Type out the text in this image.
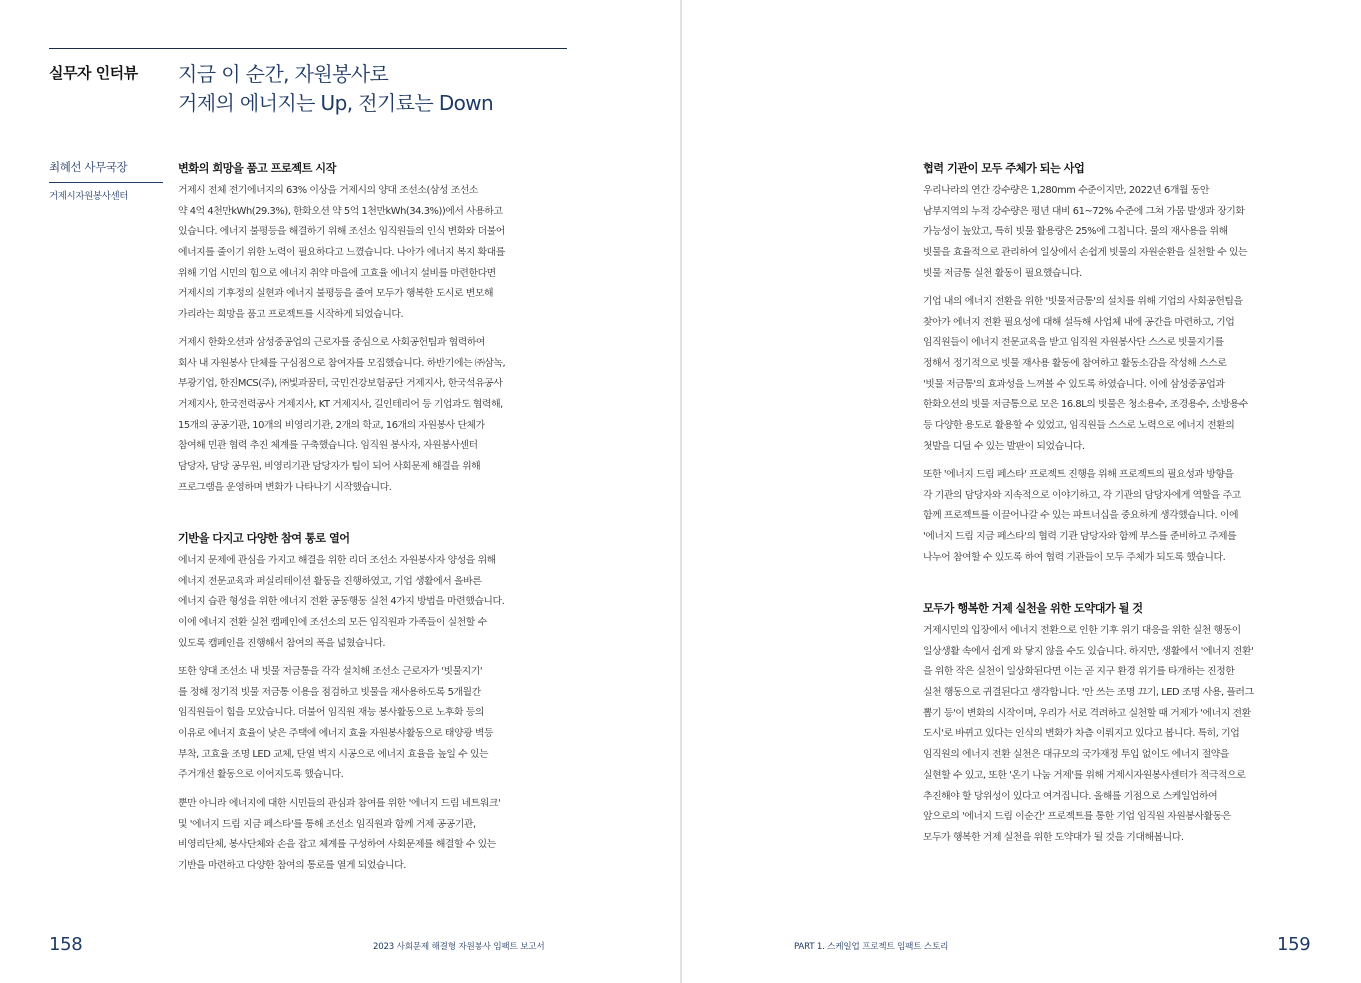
실무자 인터뷰 지금 이 순간, 자원봉사로
거제의 에너지는 Up, 전기료는 Down
최혜선 사무국장
거제시자원봉사센터
변화의 희망을 품고 프로젝트 시작
거제시 전체 전기에너지의 63% 이상을 거제시의 양대 조선소(삼성 조선소
약 4억 4천만kWh(29.3%), 한화오션 약 5억 1천만kWh(34.3%))에서 사용하고
있습니다. 에너지 불평등을 해결하기 위해 조선소 임직원들의 인식 변화와 더불어
에너지를 줄이기 위한 노력이 필요하다고 느꼈습니다. 나아가 에너지 복지 확대를
위해 기업 시민의 힘으로 에너지 취약 마을에 고효율 에너지 설비를 마련한다면
거제시의 기후정의 실현과 에너지 불평등을 줄여 모두가 행복한 도시로 변모해
가리라는 희망을 품고 프로젝트를 시작하게 되었습니다.
거제시 한화오션과 삼성중공업의 근로자를 중심으로 사회공헌팀과 협력하여
회사 내 자원봉사 단체를 구심점으로 참여자를 모집했습니다. 하반기에는 ㈜삼녹,
부광기업, 한진MCS(주), ㈜빛과꿈터, 국민건강보험공단 거제지사, 한국석유공사
거제지사, 한국전력공사 거제지사, KT 거제지사, 길인테리어 등 기업과도 협력해,
15개의 공공기관, 10개의 비영리기관, 2개의 학교, 16개의 자원봉사 단체가
참여해 민관 협력 추진 체계를 구축했습니다. 임직원 봉사자, 자원봉사센터
담당자, 담당 공무원, 비영리기관 담당자가 팀이 되어 사회문제 해결을 위해
프로그램을 운영하며 변화가 나타나기 시작했습니다.
기반을 다지고 다양한 참여 통로 열어
에너지 문제에 관심을 가지고 해결을 위한 리더 조선소 자원봉사자 양성을 위해
에너지 전문교육과 퍼실리테이션 활동을 진행하였고, 기업 생활에서 올바른
에너지 습관 형성을 위한 에너지 전환 공동행동 실천 4가지 방법을 마련했습니다.
이에 에너지 전환 실천 캠페인에 조선소의 모든 임직원과 가족들이 실천할 수
있도록 캠페인을 진행해서 참여의 폭을 넓혔습니다.
또한 양대 조선소 내 빗물 저금통을 각각 설치해 조선소 근로자가 '빗물지기'
를 정해 정기적 빗물 저금통 이용을 점검하고 빗물을 재사용하도록 5개월간
임직원들이 힘을 모았습니다. 더불어 임직원 재능 봉사활동으로 노후화 등의
이유로 에너지 효율이 낮은 주택에 에너지 효율 자원봉사활동으로 태양광 벽등
부착, 고효율 조명 LED 교체, 단열 벽지 시공으로 에너지 효율을 높일 수 있는
주거개선 활동으로 이어지도록 했습니다.
뿐만 아니라 에너지에 대한 시민들의 관심과 참여를 위한 '에너지 드림 네트워크'
및 '에너지 드림 지금 페스타'를 통해 조선소 임직원과 함께 거제 공공기관,
비영리단체, 봉사단체와 손을 잡고 체계를 구성하여 사회문제를 해결할 수 있는
기반을 마련하고 다양한 참여의 통로를 열게 되었습니다.
158	2023 사회문제 해결형 자원봉사 임팩트 보고서
협력 기관이 모두 주체가 되는 사업
우리나라의 연간 강수량은 1,280mm 수준이지만, 2022년 6개월 동안
남부지역의 누적 강수량은 평년 대비 61~72% 수준에 그쳐 가뭄 발생과 장기화
가능성이 높았고, 특히 빗물 활용량은 25%에 그칩니다. 물의 재사용을 위해
빗물을 효율적으로 관리하여 일상에서 손쉽게 빗물의 자원순환을 실천할 수 있는
빗물 저금통 실천 활동이 필요했습니다.
기업 내의 에너지 전환을 위한 '빗물저금통'의 설치를 위해 기업의 사회공헌팀을
찾아가 에너지 전환 필요성에 대해 설득해 사업체 내에 공간을 마련하고, 기업
임직원들이 에너지 전문교육을 받고 임직원 자원봉사단 스스로 빗물지기를
정해서 정기적으로 빗물 재사용 활동에 참여하고 활동소감을 작성해 스스로
'빗물 저금통'의 효과성을 느껴볼 수 있도록 하였습니다. 이에 삼성중공업과
한화오션의 빗물 저금통으로 모은 16.8L의 빗물은 청소용수, 조경용수, 소방용수
등 다양한 용도로 활용할 수 있었고, 임직원들 스스로 노력으로 에너지 전환의
첫발을 디딜 수 있는 발판이 되었습니다.
또한 '에너지 드림 페스타' 프로젝트 진행을 위해 프로젝트의 필요성과 방향을
각 기관의 담당자와 지속적으로 이야기하고, 각 기관의 담당자에게 역할을 주고
함께 프로젝트를 이끌어나갈 수 있는 파트너십을 중요하게 생각했습니다. 이에
'에너지 드림 지금 페스타'의 협력 기관 담당자와 함께 부스를 준비하고 주제를
나누어 참여할 수 있도록 하여 협력 기관들이 모두 주체가 되도록 했습니다.
모두가 행복한 거제 실천을 위한 도약대가 될 것
거제시민의 입장에서 에너지 전환으로 인한 기후 위기 대응을 위한 실천 행동이
일상생활 속에서 쉽게 와 닿지 않을 수도 있습니다. 하지만, 생활에서 '에너지 전환'
을 위한 작은 실천이 일상화된다면 이는 곧 지구 환경 위기를 타개하는 진정한
실천 행동으로 귀결된다고 생각합니다. '안 쓰는 조명 끄기, LED 조명 사용, 플러그
뽑기 등'이 변화의 시작이며, 우리가 서로 격려하고 실천할 때 거제가 '에너지 전환
도시'로 바뀌고 있다는 인식의 변화가 차츰 이뤄지고 있다고 봅니다. 특히, 기업
임직원의 에너지 전환 실천은 대규모의 국가재정 투입 없이도 에너지 절약을
실현할 수 있고, 또한 '온기 나눔 거제'를 위해 거제시자원봉사센터가 적극적으로
추진해야 할 당위성이 있다고 여겨집니다. 올해를 기점으로 스케일업하여
앞으로의 '에너지 드림 이순간' 프로젝트를 통한 기업 임직원 자원봉사활동은
모두가 행복한 거제 실천을 위한 도약대가 될 것을 기대해봅니다.
PART 1. 스케일업 프로젝트 임팩트 스토리	159
